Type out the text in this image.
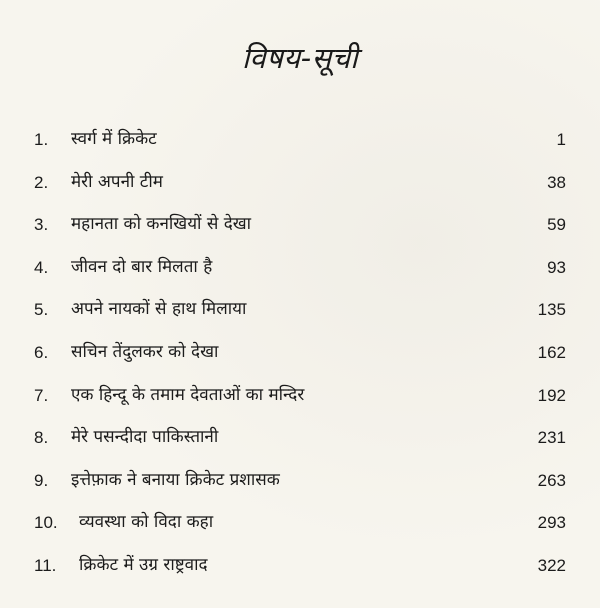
विषय-सूची
1. स्वर्ग में क्रिकेट	1
2. मेरी अपनी टीम	38
3. महानता को कनखियों से देखा	59
4. जीवन दो बार मिलता है	93
5. अपने नायकों से हाथ मिलाया	135
6. सचिन तेंदुलकर को देखा	162
7. एक हिन्दू के तमाम देवताओं का मन्दिर	192
8. मेरे पसन्दीदा पाकिस्तानी	231
9. इत्तेफ़ाक ने बनाया क्रिकेट प्रशासक	263
10. व्यवस्था को विदा कहा	293
11. क्रिकेट में उग्र राष्ट्रवाद	322
